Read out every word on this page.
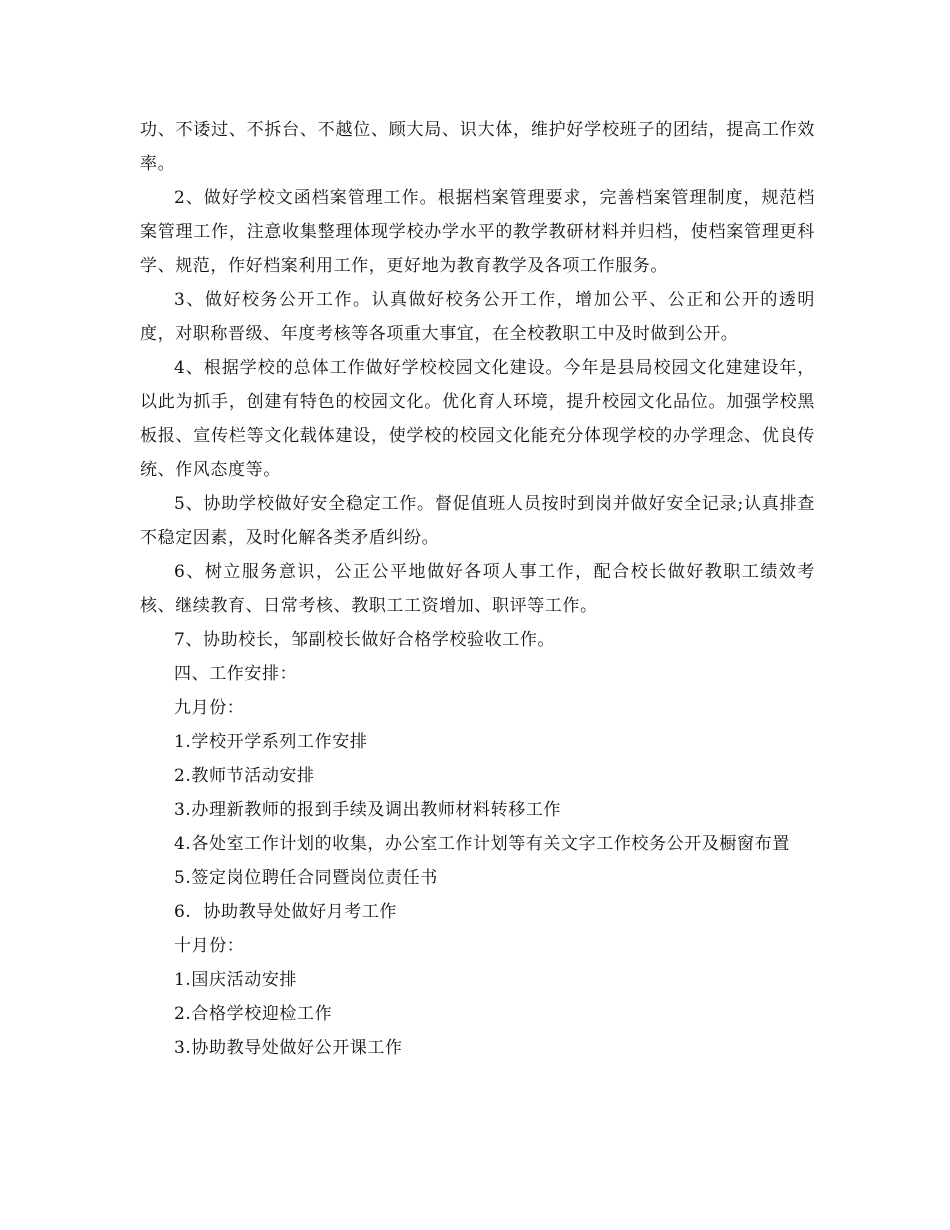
功、不诿过、不拆台、不越位、顾大局、识大体，维护好学校班子的团结，提高工作效率。

2、做好学校文函档案管理工作。根据档案管理要求，完善档案管理制度，规范档案管理工作，注意收集整理体现学校办学水平的教学教研材料并归档，使档案管理更科学、规范，作好档案利用工作，更好地为教育教学及各项工作服务。

3、做好校务公开工作。认真做好校务公开工作，增加公平、公正和公开的透明度，对职称晋级、年度考核等各项重大事宜，在全校教职工中及时做到公开。

4、根据学校的总体工作做好学校校园文化建设。今年是县局校园文化建建设年，以此为抓手，创建有特色的校园文化。优化育人环境，提升校园文化品位。加强学校黑板报、宣传栏等文化载体建设，使学校的校园文化能充分体现学校的办学理念、优良传统、作风态度等。

5、协助学校做好安全稳定工作。督促值班人员按时到岗并做好安全记录;认真排查不稳定因素，及时化解各类矛盾纠纷。

6、树立服务意识，公正公平地做好各项人事工作，配合校长做好教职工绩效考核、继续教育、日常考核、教职工工资增加、职评等工作。

7、协助校长，邹副校长做好合格学校验收工作。

四、工作安排：

九月份：

1.学校开学系列工作安排

2.教师节活动安排

3.办理新教师的报到手续及调出教师材料转移工作

4.各处室工作计划的收集，办公室工作计划等有关文字工作校务公开及橱窗布置

5.签定岗位聘任合同暨岗位责任书

6.  协助教导处做好月考工作

十月份：

1.国庆活动安排

2.合格学校迎检工作

3.协助教导处做好公开课工作
